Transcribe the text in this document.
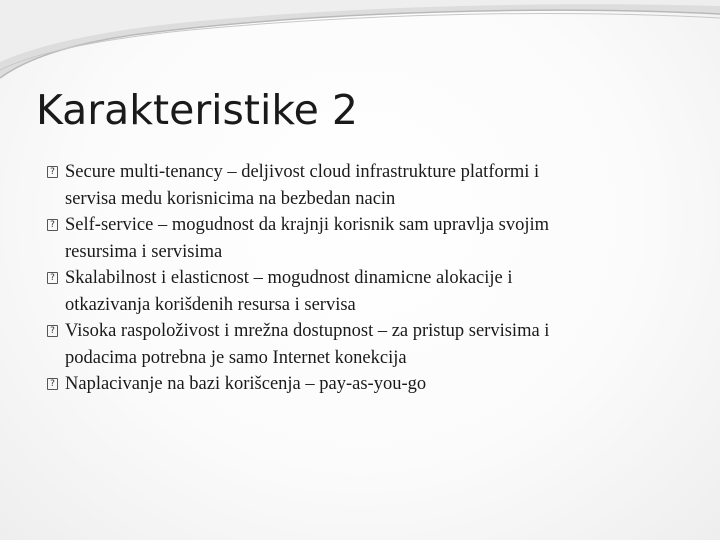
Karakteristike 2
? Secure multi-tenancy – deljivost cloud infrastrukture platformi i
servisa medu korisnicima na bezbedan nacin
? Self-service – mogudnost da krajnji korisnik sam upravlja svojim
resursima i servisima
? Skalabilnost i elasticnost – mogudnost dinamicne alokacije i
otkazivanja korišdenih resursa i servisa
? Visoka raspoloživost i mrežna dostupnost – za pristup servisima i
podacima potrebna je samo Internet konekcija
? Naplacivanje na bazi korišcenja – pay-as-you-go
